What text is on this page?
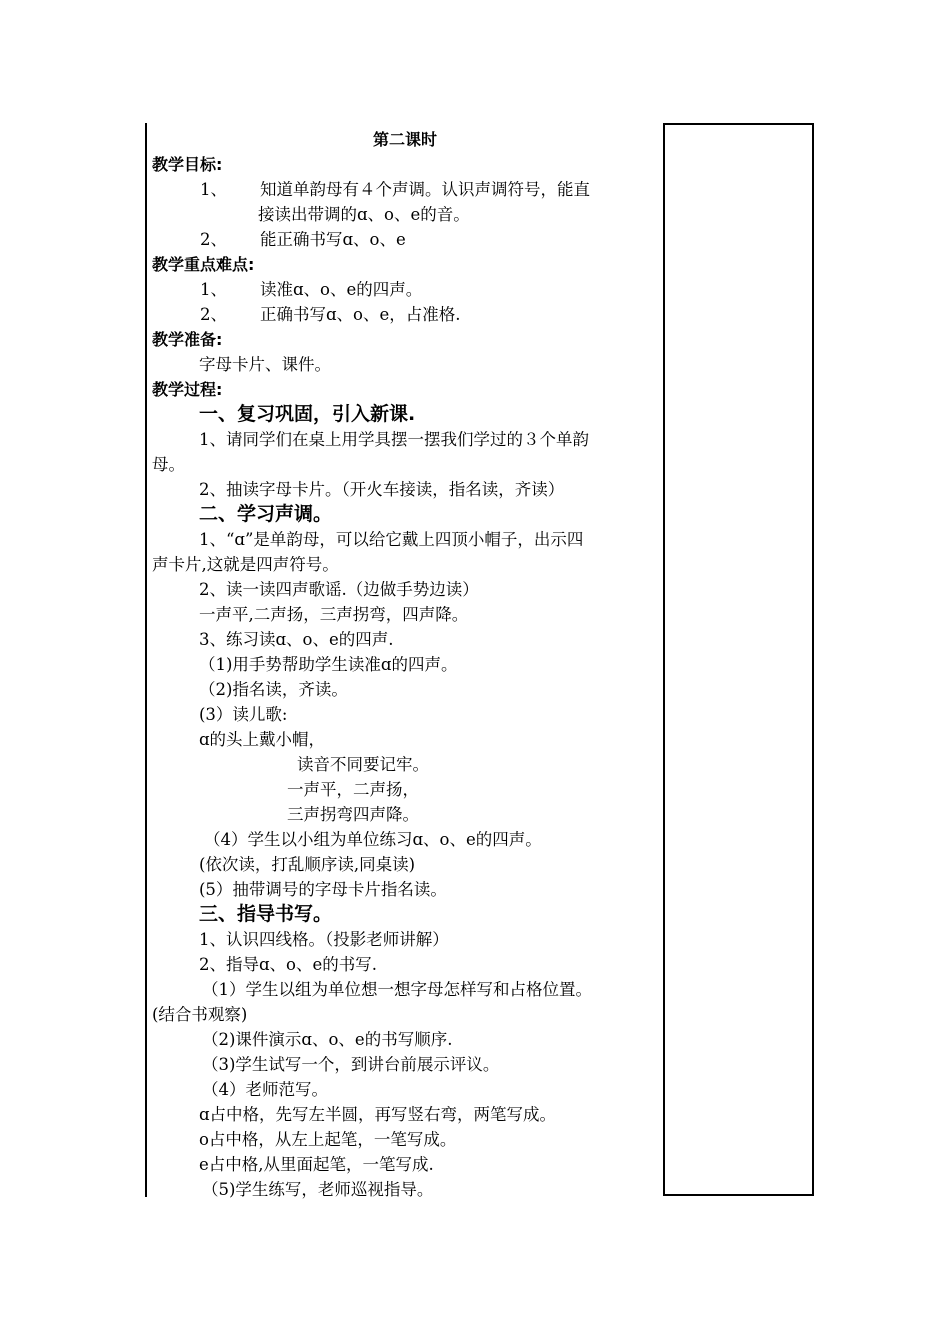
第二课时
教学目标:
1、 知道单韵母有４个声调。认识声调符号，能直
接读出带调的ɑ、o、e的音。
2、 能正确书写ɑ、o、e
教学重点难点:
1、 读准ɑ、o、e的四声。
2、 正确书写ɑ、o、e，占准格.
教学准备:
字母卡片、课件。
教学过程:
一、复习巩固，引入新课.
1、请同学们在桌上用学具摆一摆我们学过的３个单韵
母。
2、抽读字母卡片。（开火车接读，指名读，齐读）
二、学习声调。
1、“ɑ”是单韵母，可以给它戴上四顶小帽子，出示四
声卡片,这就是四声符号。
2、读一读四声歌谣.（边做手势边读）
一声平,二声扬，三声拐弯，四声降。
3、练习读ɑ、o、e的四声.
（1)用手势帮助学生读准ɑ的四声。
（2)指名读，齐读。
(3）读儿歌:
ɑ的头上戴小帽，
读音不同要记牢。
一声平，二声扬，
三声拐弯四声降。
（4）学生以小组为单位练习ɑ、o、e的四声。
(依次读，打乱顺序读,同桌读)
(5）抽带调号的字母卡片指名读。
三、指导书写。
1、认识四线格。（投影老师讲解）
2、指导ɑ、o、e的书写.
（1）学生以组为单位想一想字母怎样写和占格位置。
(结合书观察)
（2)课件演示ɑ、o、e的书写顺序.
（3)学生试写一个，到讲台前展示评议。
（4）老师范写。
ɑ占中格，先写左半圆，再写竖右弯，两笔写成。
o占中格，从左上起笔，一笔写成。
e占中格,从里面起笔，一笔写成.
（5)学生练写，老师巡视指导。
